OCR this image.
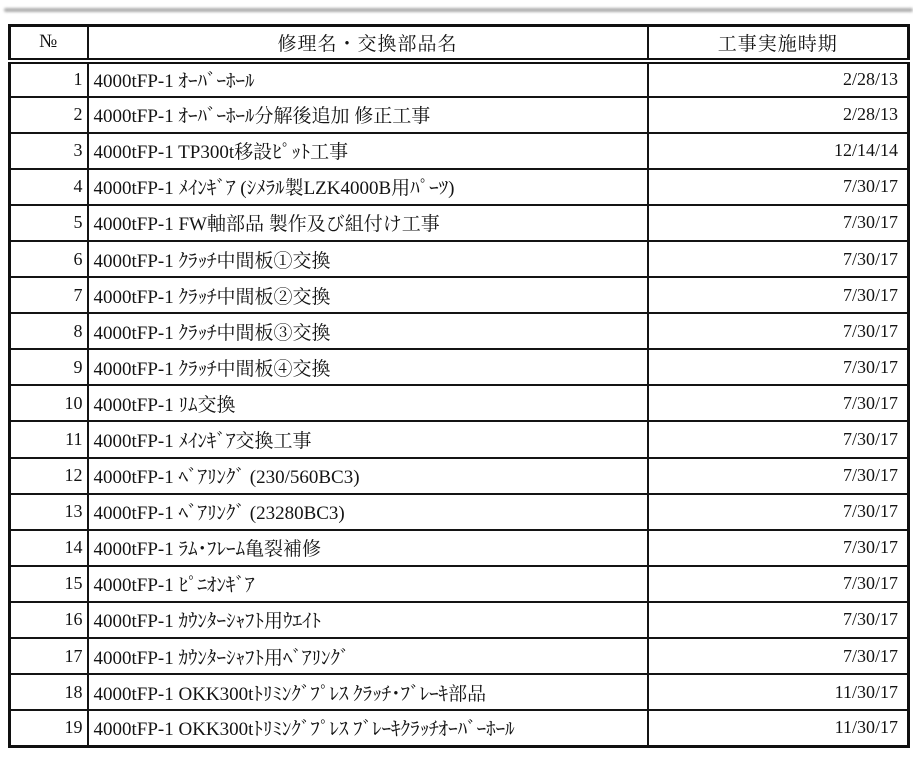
№	修理名・交換部品名	工事実施時期
1	4000tFP-1 ｵｰﾊﾞｰﾎｰﾙ	2/28/13
2	4000tFP-1 ｵｰﾊﾞｰﾎｰﾙ分解後追加 修正工事	2/28/13
3	4000tFP-1 TP300t移設ﾋﾟｯﾄ工事	12/14/14
4	4000tFP-1 ﾒｲﾝｷﾞｱ (ｼﾒﾗﾙ製LZK4000B用ﾊﾟｰﾂ)	7/30/17
5	4000tFP-1 FW軸部品 製作及び組付け工事	7/30/17
6	4000tFP-1 ｸﾗｯﾁ中間板①交換	7/30/17
7	4000tFP-1 ｸﾗｯﾁ中間板②交換	7/30/17
8	4000tFP-1 ｸﾗｯﾁ中間板③交換	7/30/17
9	4000tFP-1 ｸﾗｯﾁ中間板④交換	7/30/17
10	4000tFP-1 ﾘﾑ交換	7/30/17
11	4000tFP-1 ﾒｲﾝｷﾞｱ交換工事	7/30/17
12	4000tFP-1 ﾍﾞｱﾘﾝｸﾞ (230/560BC3)	7/30/17
13	4000tFP-1 ﾍﾞｱﾘﾝｸﾞ (23280BC3)	7/30/17
14	4000tFP-1 ﾗﾑ･ﾌﾚｰﾑ亀裂補修	7/30/17
15	4000tFP-1 ﾋﾟﾆｵﾝｷﾞｱ	7/30/17
16	4000tFP-1 ｶｳﾝﾀｰｼｬﾌﾄ用ｳｴｲﾄ	7/30/17
17	4000tFP-1 ｶｳﾝﾀｰｼｬﾌﾄ用ﾍﾞｱﾘﾝｸﾞ	7/30/17
18	4000tFP-1 OKK300tﾄﾘﾐﾝｸﾞﾌﾟﾚｽ ｸﾗｯﾁ･ﾌﾞﾚｰｷ部品	11/30/17
19	4000tFP-1 OKK300tﾄﾘﾐﾝｸﾞﾌﾟﾚｽ ﾌﾞﾚｰｷｸﾗｯﾁｵｰﾊﾞｰﾎｰﾙ	11/30/17
